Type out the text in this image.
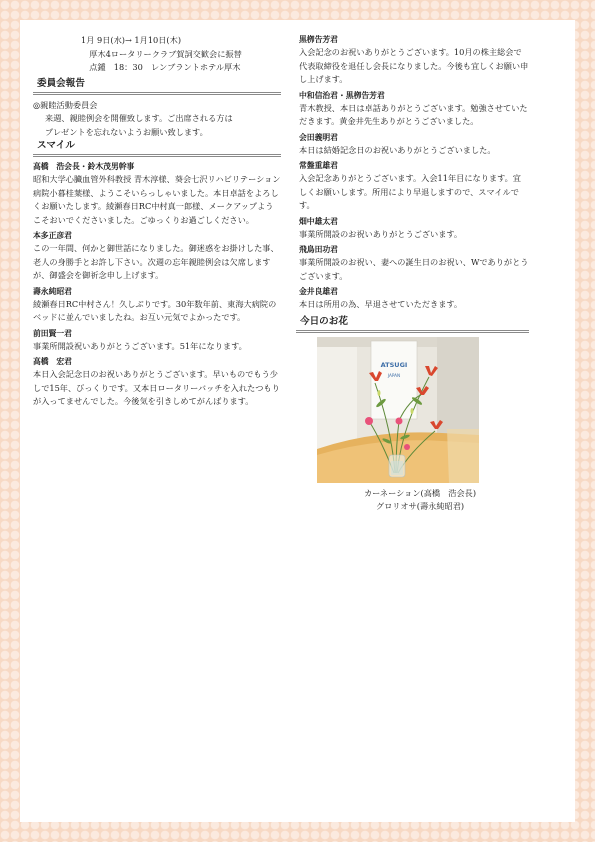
1月 9日(水)→ 1月10日(木)
　厚木4ロータリークラブ賀詞交歓会に振替
　点鍾　18：30　レンブラントホテル厚木

委員会報告

◎親睦活動委員会

来週、親睦例会を開催致します。ご出席される方は
プレゼントを忘れないようお願い致します。

スマイル

高橋　浩会長・鈴木茂男幹事

昭和大学心臓血管外科教授 青木淳様、葵会七沢リハビリテーション病院小暮桂葉様、ようこそいらっしゃいました。本日卓話をよろしくお願いたします。綾瀬春日RC中村真一郎様、メークアップようこそおいでくださいました。ごゆっくりお過ごしください。

本多正彦君

この一年間、何かと御世話になりました。御迷惑をお掛けした事、老人の身勝手とお許し下さい。次週の忘年親睦例会は欠席しますが、御盛会を御祈念申し上げます。

壽永純昭君

綾瀬春日RC中村さん！久しぶりです。30年数年前、東海大病院のベッドに並んでいましたね。お互い元気でよかったです。

前田賢一君

事業所開設祝いありがとうございます。51年になります。

高橋　宏君

本日入会記念日のお祝いありがとうございます。早いものでもう少しで15年、びっくりです。又本日ロータリーバッチを入れたつもりが入ってませんでした。今後気を引きしめてがんばります。

黒栁告芳君

入会記念のお祝いありがとうございます。10月の株主総会で代表取締役を退任し会長になりました。今後も宜しくお願い申し上げます。

中和信治君・黒栁告芳君

青木教授、本日は卓話ありがとうございます。勉強させていただきます。黄金井先生ありがとうございました。

会田義明君

本日は結婚記念日のお祝いありがとうございました。

常盤重雄君

入会記念ありがとうございます。入会11年目になります。宜しくお願いします。所用により早退しますので、スマイルです。

畑中雄太君

事業所開設のお祝いありがとうございます。

飛鳥田功君

事業所開設のお祝い、妻への誕生日のお祝い、Wでありがとうございます。

金井良雄君

本日は所用の為、早退させていただきます。

今日のお花
ATSUGI
JAPAN

カーネーション(高橋　浩会長)

グロリオサ(壽永純昭君)
